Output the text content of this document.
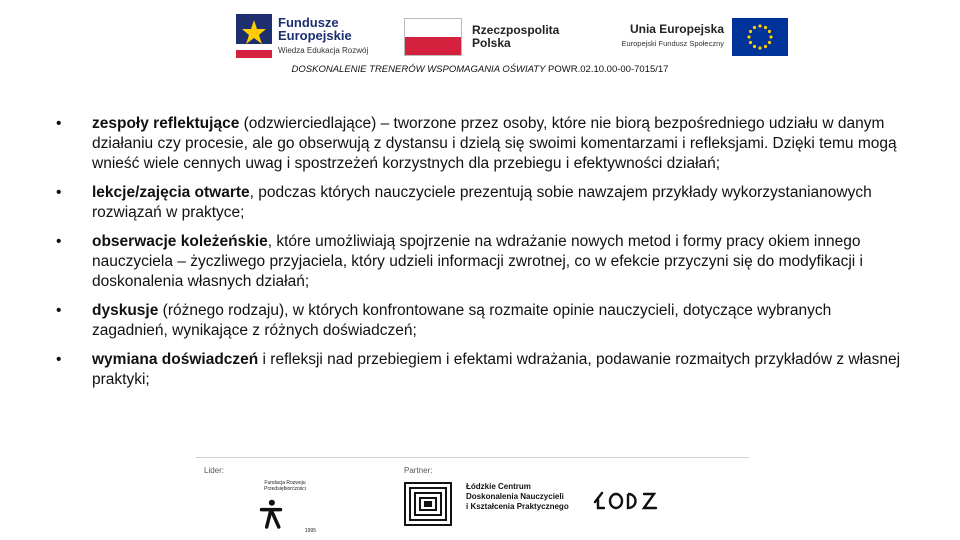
Fundusze
Europejskie
Wiedza Edukacja Rozwój
Rzeczpospolita
Polska
Unia Europejska
Europejski Fundusz Społeczny
DOSKONALENIE TRENERÓW WSPOMAGANIA OŚWIATY POWR.02.10.00-00-7015/17
• zespoły reflektujące (odzwierciedlające) – tworzone przez osoby, które nie biorą bezpośredniego udziału w danym działaniu czy procesie, ale go obserwują z dystansu i dzielą się swoimi komentarzami i refleksjami. Dzięki temu mogą wnieść wiele cennych uwag i spostrzeżeń korzystnych dla przebiegu i efektywności działań;
• lekcje/zajęcia otwarte, podczas których nauczyciele prezentują sobie nawzajem przykłady wykorzystanianowych rozwiązań w praktyce;
• obserwacje koleżeńskie, które umożliwiają spojrzenie na wdrażanie nowych metod i formy pracy okiem innego nauczyciela – życzliwego przyjaciela, który udzieli informacji zwrotnej, co w efekcie przyczyni się do modyfikacji i doskonalenia własnych działań;
• dyskusje (różnego rodzaju), w których konfrontowane są rozmaite opinie nauczycieli, dotyczące wybranych zagadnień, wynikające z różnych doświadczeń;
• wymiana doświadczeń i refleksji nad przebiegiem i efektami wdrażania, podawanie rozmaitych przykładów z własnej praktyki;
Lider:	Partner:
Fundacja Rozwoju Przedsiębiorczości
1995
Łódzkie Centrum
Doskonalenia Nauczycieli
i Kształcenia Praktycznego
